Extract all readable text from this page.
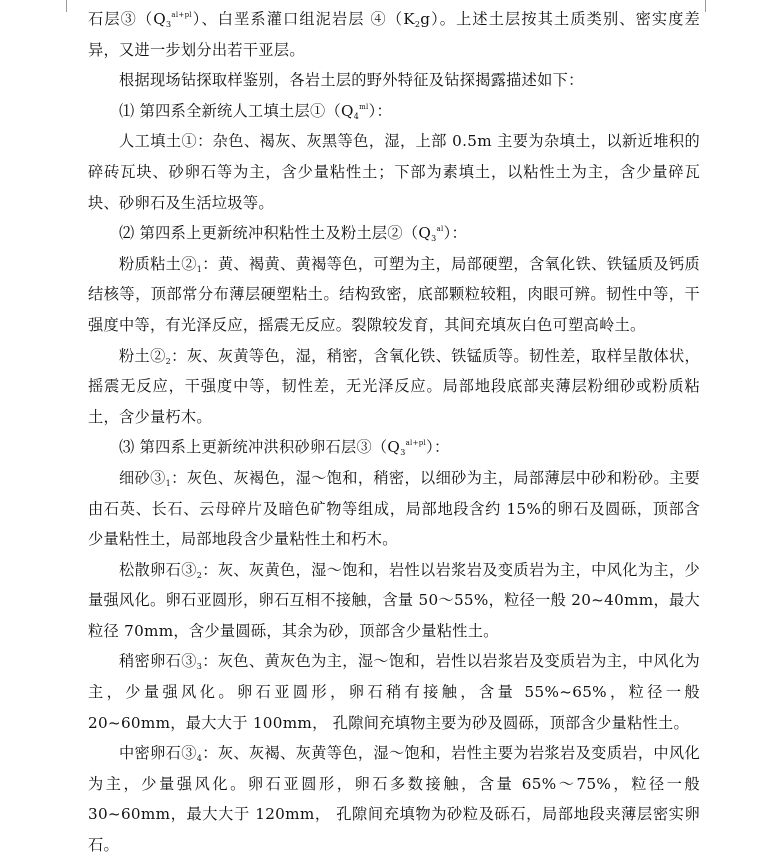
石层$③(Q_3^{al+pl})$、白垩系灌口组泥岩层 $④(K_2g)$。上述土层按其土质类别、密实度差异，又进一步划分出若干亚层。

根据现场钻探取样鉴别，各岩土层的野外特征及钻探揭露描述如下：

⑴ 第四系全新统人工填土层$①(Q_4^{ml})$：

人工填土①：杂色、褐灰、灰黑等色，湿，上部 0.5m 主要为杂填土，以新近堆积的碎砖瓦块、砂卵石等为主，含少量粘性土；下部为素填土，以粘性土为主，含少量碎瓦块、砂卵石及生活垃圾等。

⑵ 第四系上更新统冲积粘性土及粉土层$②(Q_3^{al})$：

粉质粘土$②_1$：黄、褐黄、黄褐等色，可塑为主，局部硬塑，含氧化铁、铁锰质及钙质结核等，顶部常分布薄层硬塑粘土。结构致密，底部颗粒较粗，肉眼可辨。韧性中等，干强度中等，有光泽反应，摇震无反应。裂隙较发育，其间充填灰白色可塑高岭土。

粉土$②_2$：灰、灰黄等色，湿，稍密，含氧化铁、铁锰质等。韧性差，取样呈散体状，摇震无反应，干强度中等，韧性差，无光泽反应。局部地段底部夹薄层粉细砂或粉质粘土，含少量朽木。

⑶ 第四系上更新统冲洪积砂卵石层$③(Q_3^{al+pl})$：

细砂$③_1$：灰色、灰褐色，湿～饱和，稍密，以细砂为主，局部薄层中砂和粉砂。主要由石英、长石、云母碎片及暗色矿物等组成，局部地段含约 15%的卵石及圆砾，顶部含少量粘性土，局部地段含少量粘性土和朽木。

松散卵石$③_2$：灰、灰黄色，湿～饱和，岩性以岩浆岩及变质岩为主，中风化为主，少量强风化。卵石亚圆形，卵石互相不接触，含量 50～55%，粒径一般 20~40mm，最大粒径 70mm，含少量圆砾，其余为砂，顶部含少量粘性土。

稍密卵石$③_3$：灰色、黄灰色为主，湿～饱和，岩性以岩浆岩及变质岩为主，中风化为主，少量强风化。卵石亚圆形，卵石稍有接触，含量 55%~65%，粒径一般 20~60mm，最大大于 100mm， 孔隙间充填物主要为砂及圆砾，顶部含少量粘性土。

中密卵石$③_4$：灰、灰褐、灰黄等色，湿～饱和，岩性主要为岩浆岩及变质岩，中风化为主，少量强风化。卵石亚圆形，卵石多数接触，含量 65%～75%，粒径一般 30~60mm，最大大于 120mm， 孔隙间充填物为砂粒及砾石，局部地段夹薄层密实卵石。
